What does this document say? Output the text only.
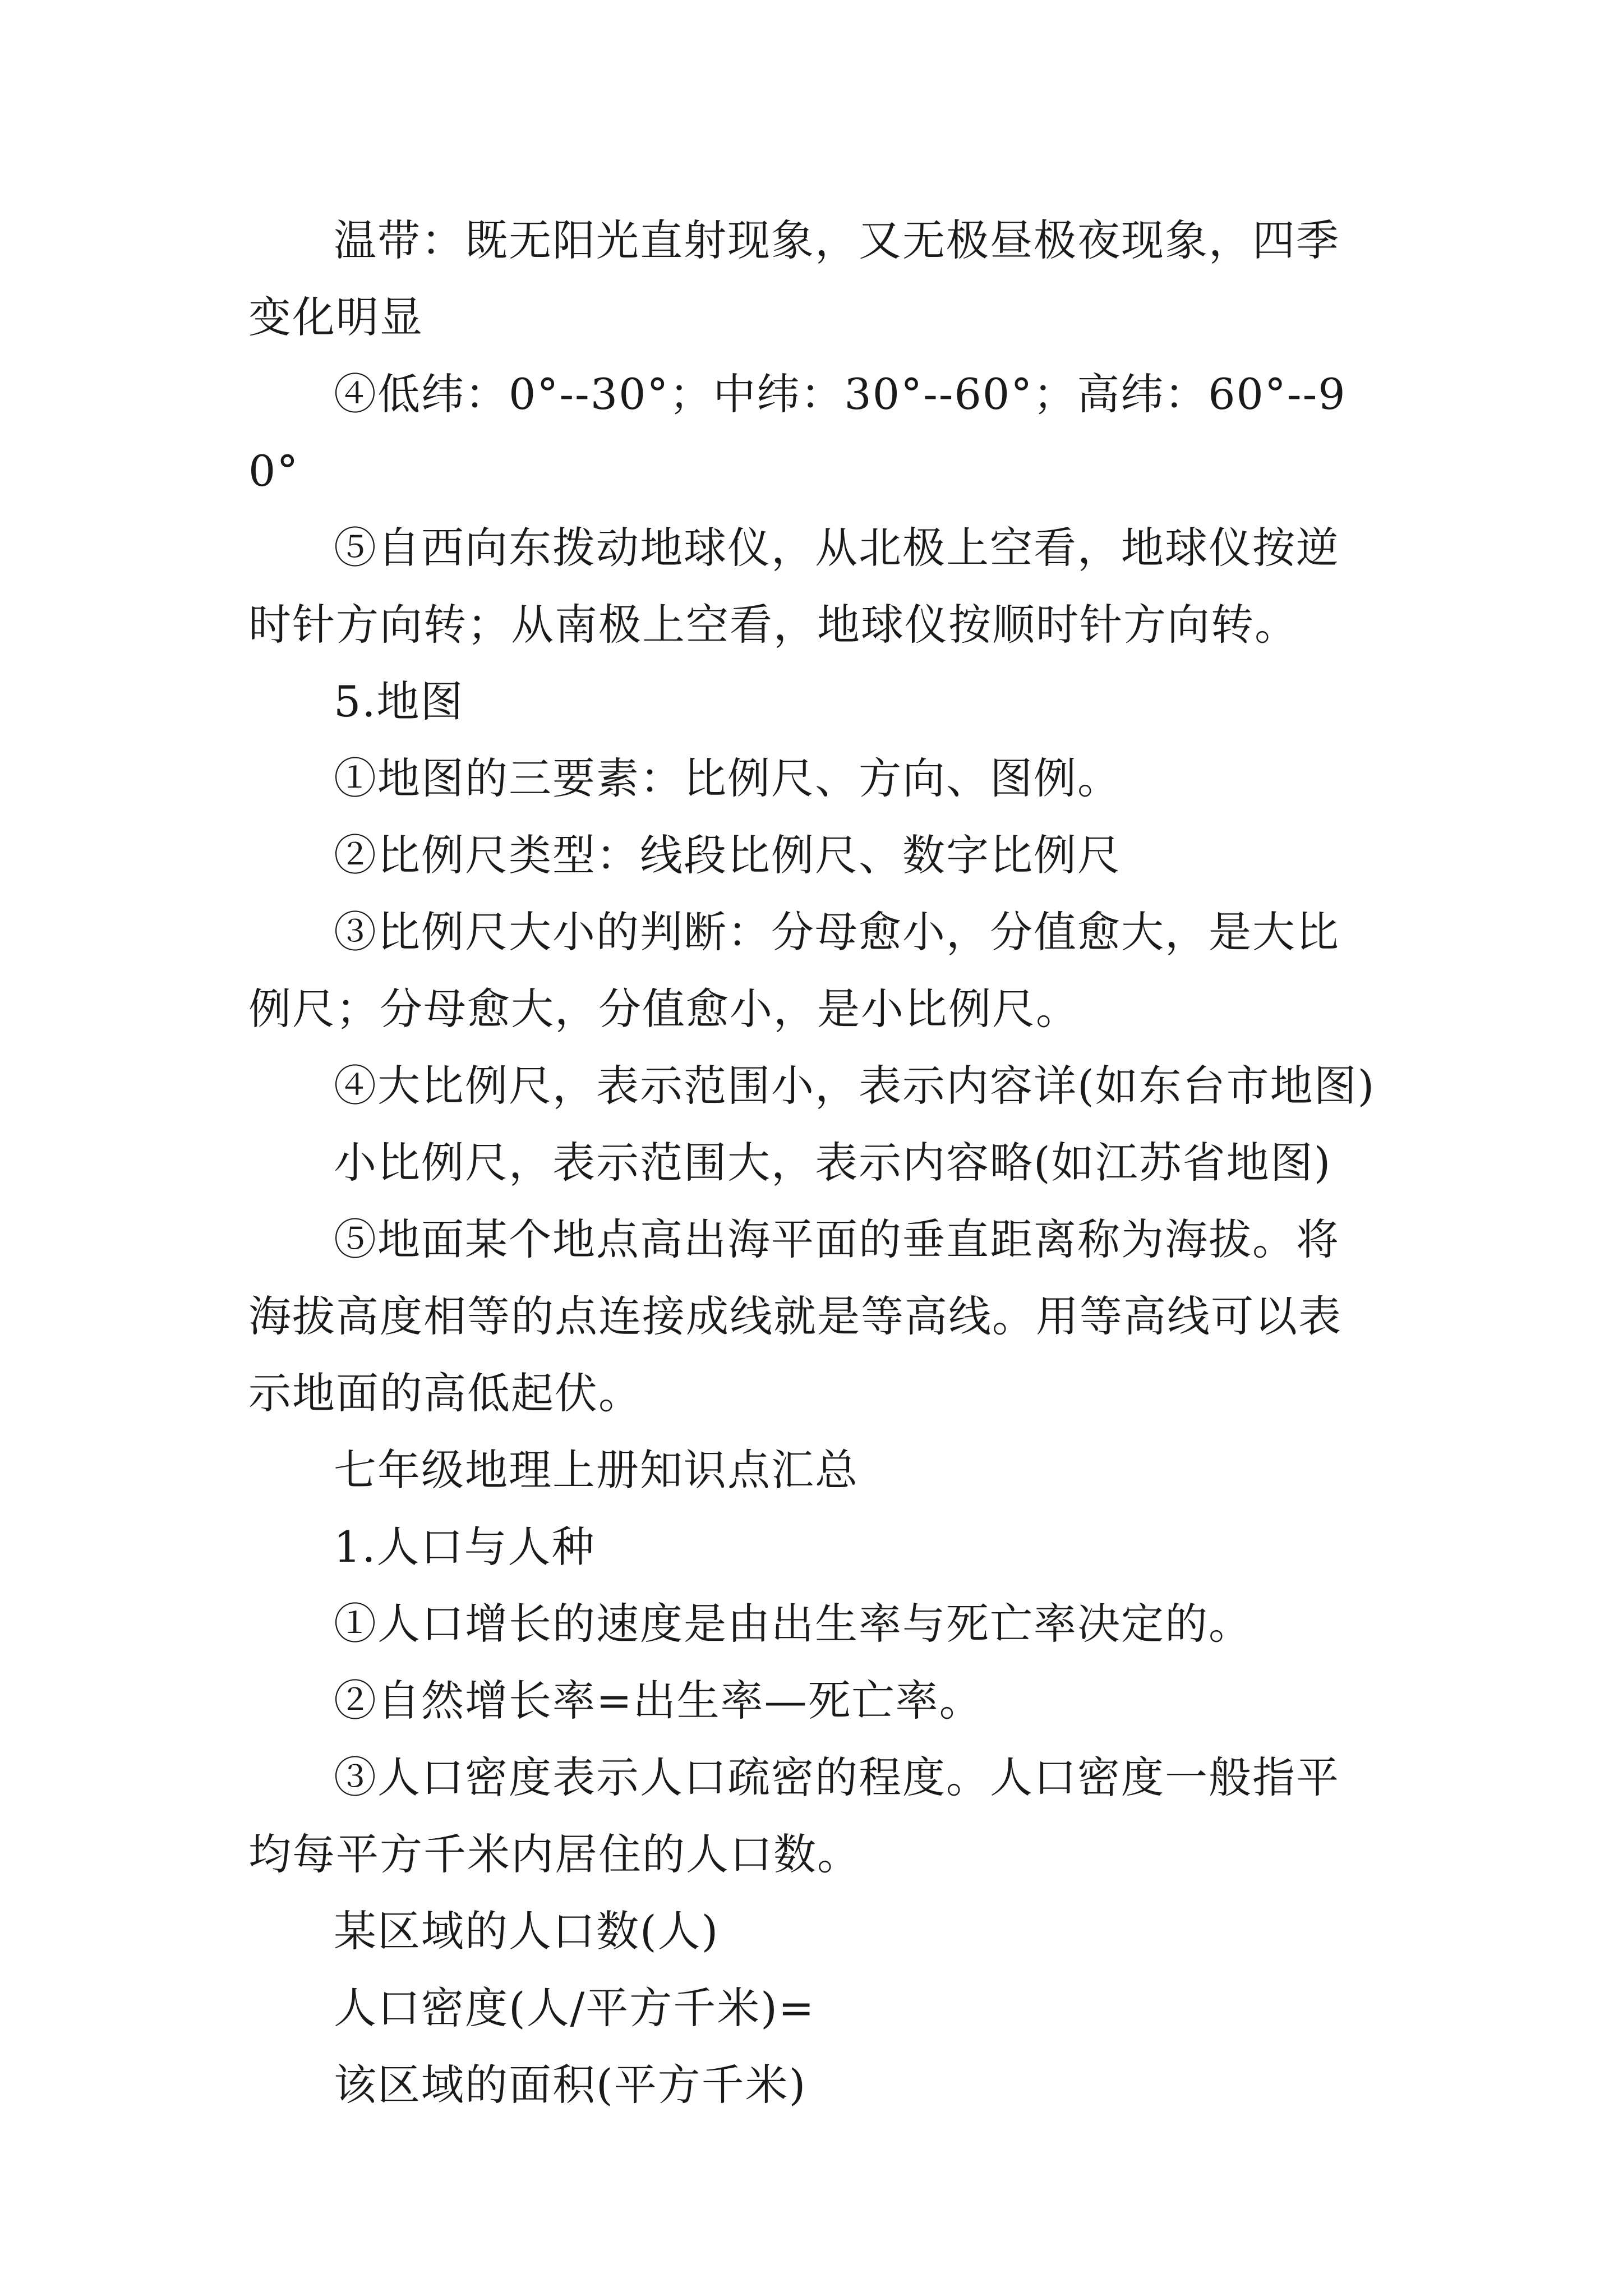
温带：既无阳光直射现象，又无极昼极夜现象，四季变化明显

④低纬：0°--30°；中纬：30°--60°；高纬：60°--90°

⑤自西向东拨动地球仪，从北极上空看，地球仪按逆时针方向转；从南极上空看，地球仪按顺时针方向转。

5.地图

①地图的三要素：比例尺、方向、图例。

②比例尺类型：线段比例尺、数字比例尺

③比例尺大小的判断：分母愈小，分值愈大，是大比例尺；分母愈大，分值愈小，是小比例尺。

④大比例尺，表示范围小，表示内容详(如东台市地图)

小比例尺，表示范围大，表示内容略(如江苏省地图)

⑤地面某个地点高出海平面的垂直距离称为海拔。将海拔高度相等的点连接成线就是等高线。用等高线可以表示地面的高低起伏。

七年级地理上册知识点汇总

1.人口与人种

①人口增长的速度是由出生率与死亡率决定的。

②自然增长率=出生率—死亡率。

③人口密度表示人口疏密的程度。人口密度一般指平均每平方千米内居住的人口数。

某区域的人口数(人)

人口密度(人/平方千米)=

该区域的面积(平方千米)
